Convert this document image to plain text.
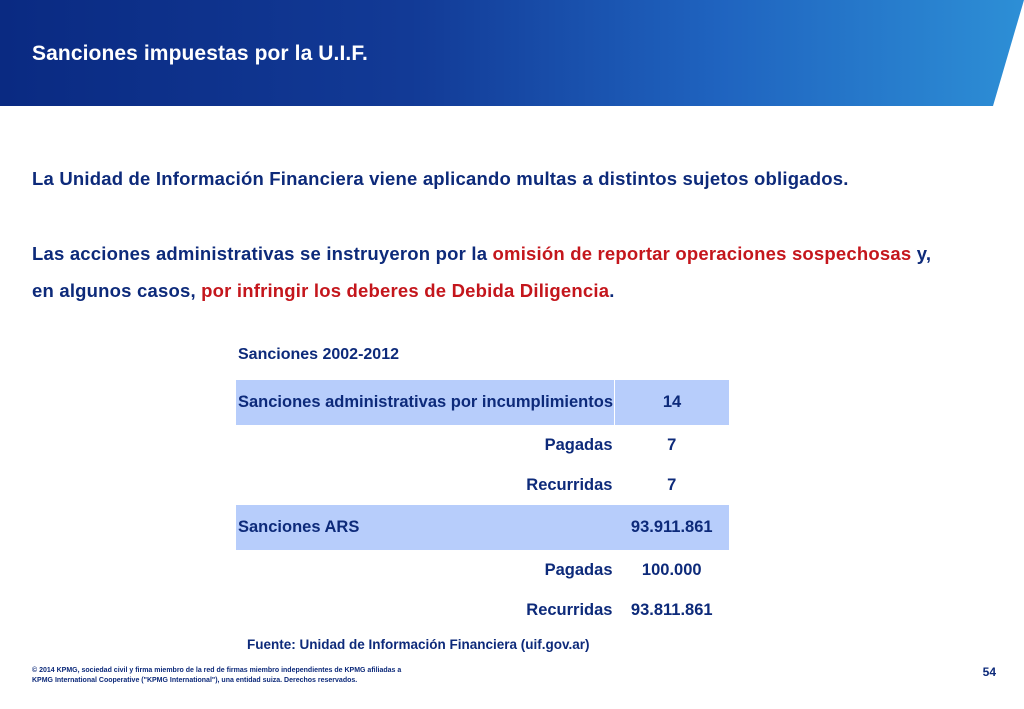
Sanciones impuestas por la U.I.F.

La Unidad de Información Financiera viene aplicando multas a distintos sujetos obligados.

Las acciones administrativas se instruyeron por la omisión de reportar operaciones sospechosas y, en algunos casos, por infringir los deberes de Debida Diligencia.

Sanciones 2002-2012
Sanciones administrativas por incumplimientos	14
Pagadas	7
Recurridas	7
Sanciones ARS	93.911.861
Pagadas	100.000
Recurridas	93.811.861
Fuente: Unidad de Información Financiera (uif.gov.ar)

© 2014 KPMG, sociedad civil y firma miembro de la red de firmas miembro independientes de KPMG afiliadas a
KPMG International Cooperative ("KPMG International"), una entidad suiza. Derechos reservados.

54
